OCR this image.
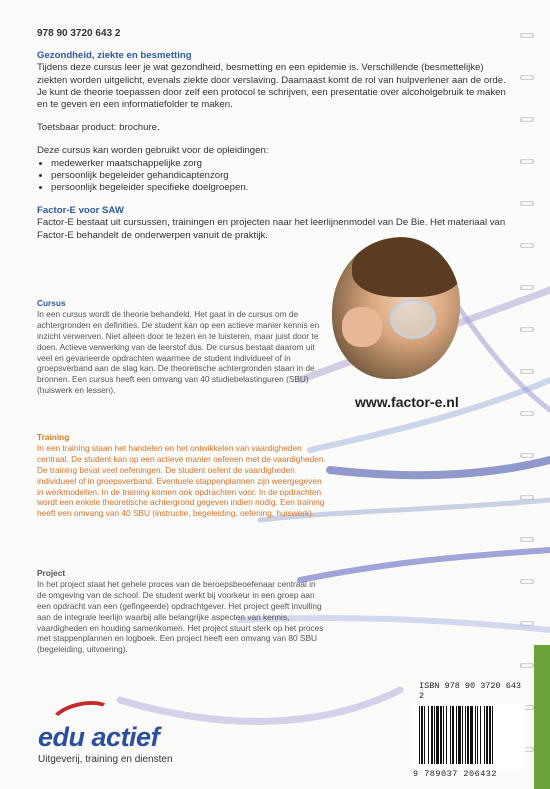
978 90 3720 643 2

Gezondheid, ziekte en besmetting

Tijdens deze cursus leer je wat gezondheid, besmetting en een epidemie is. Verschillende (besmettelijke) ziekten worden uitgelicht, evenals ziekte door verslaving. Daarnaast komt de rol van hulpverlener aan de orde. Je kunt de theorie toepassen door zelf een protocol te schrijven, een presentatie over alcoholgebruik te maken en te geven en een informatiefolder te maken.

Toetsbaar product: brochure.

Deze cursus kan worden gebruikt voor de opleidingen:

• medewerker maatschappelijke zorg
• persoonlijk begeleider gehandicaptenzorg
• persoonlijk begeleider specifieke doelgroepen.

Factor-E voor SAW

Factor-E bestaat uit cursussen, trainingen en projecten naar het leerlijnenmodel van De Bie. Het materiaal van Factor-E behandelt de onderwerpen vanuit de praktijk.

www.factor-e.nl

Cursus

In een cursus wordt de theorie behandeld. Het gaat in de cursus om de achtergronden en definities. De student kan op een actieve manier kennis en inzicht verwerven. Niet alleen door te lezen en te luisteren, maar juist door te doen. Actieve verwerking van de leerstof dus. De cursus bestaat daarom uit veel en gevarieerde opdrachten waarmee de student individueel of in groepsverband aan de slag kan. De theoretische achtergronden staan in de bronnen. Een cursus heeft een omvang van 40 studiebelastinguren (SBU) (huiswerk en lessen).

Training

In een training staan het handelen en het ontwikkelen van vaardigheden centraal. De student kan op een actieve manier oefenen met de vaardigheden. De training bevat veel oefeningen. De student oefent de vaardigheden individueel of in groepsverband. Eventuele stappenplannen zijn weergegeven in werkmodellen. In de training komen ook opdrachten voor. In de opdrachten wordt een enkele theoretische achtergrond gegeven indien nodig. Een training heeft een omvang van 40 SBU (instructie, begeleiding, oefening, huiswerk).

Project

In het project staat het gehele proces van de beroepsbeoefenaar centraal in de omgeving van de school. De student werkt bij voorkeur in een groep aan een opdracht van een (gefingeerde) opdrachtgever. Het project geeft invulling aan de integrale leerlijn waarbij alle belangrijke aspecten van kennis, vaardigheden en houding samenkomen. Het project stuurt sterk op het proces met stappenplannen en logboek. Een project heeft een omvang van 80 SBU (begeleiding, uitvoering).

edu actief
Uitgeverij, training en diensten
ISBN 978 90 3720 643 2
9 789037 206432
